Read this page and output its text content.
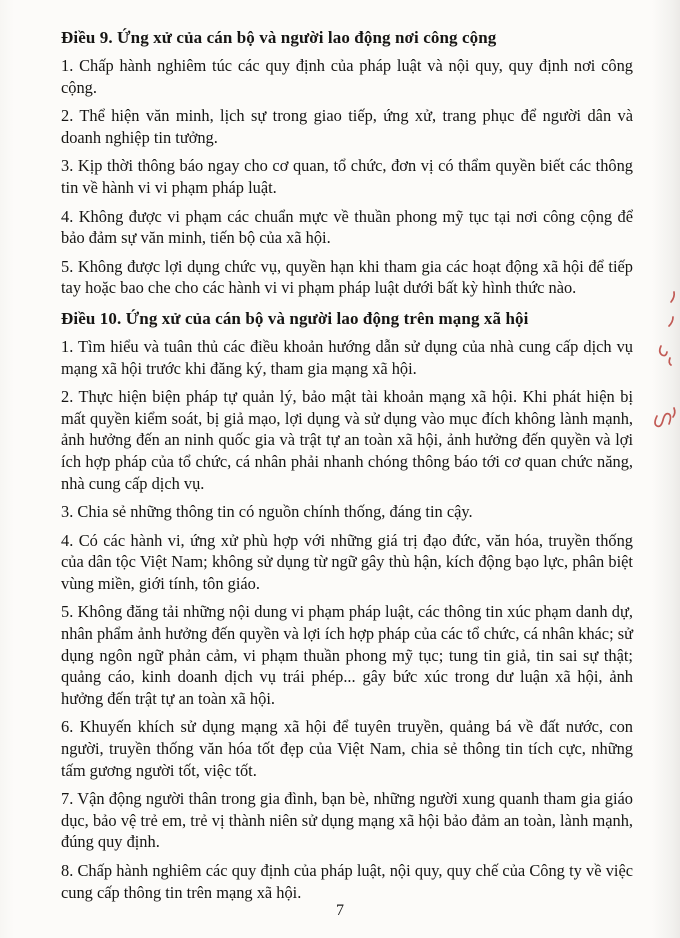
Điều 9. Ứng xử của cán bộ và người lao động nơi công cộng

1. Chấp hành nghiêm túc các quy định của pháp luật và nội quy, quy định nơi công cộng.

2. Thể hiện văn minh, lịch sự trong giao tiếp, ứng xử, trang phục để người dân và doanh nghiệp tin tưởng.

3. Kịp thời thông báo ngay cho cơ quan, tổ chức, đơn vị có thẩm quyền biết các thông tin về hành vi vi phạm pháp luật.

4. Không được vi phạm các chuẩn mực về thuần phong mỹ tục tại nơi công cộng để bảo đảm sự văn minh, tiến bộ của xã hội.

5. Không được lợi dụng chức vụ, quyền hạn khi tham gia các hoạt động xã hội để tiếp tay hoặc bao che cho các hành vi vi phạm pháp luật dưới bất kỳ hình thức nào.

Điều 10. Ứng xử của cán bộ và người lao động trên mạng xã hội

1. Tìm hiểu và tuân thủ các điều khoản hướng dẫn sử dụng của nhà cung cấp dịch vụ mạng xã hội trước khi đăng ký, tham gia mạng xã hội.

2. Thực hiện biện pháp tự quản lý, bảo mật tài khoản mạng xã hội. Khi phát hiện bị mất quyền kiểm soát, bị giả mạo, lợi dụng và sử dụng vào mục đích không lành mạnh, ảnh hưởng đến an ninh quốc gia và trật tự an toàn xã hội, ảnh hưởng đến quyền và lợi ích hợp pháp của tổ chức, cá nhân phải nhanh chóng thông báo tới cơ quan chức năng, nhà cung cấp dịch vụ.

3. Chia sẻ những thông tin có nguồn chính thống, đáng tin cậy.

4. Có các hành vi, ứng xử phù hợp với những giá trị đạo đức, văn hóa, truyền thống của dân tộc Việt Nam; không sử dụng từ ngữ gây thù hận, kích động bạo lực, phân biệt vùng miền, giới tính, tôn giáo.

5. Không đăng tải những nội dung vi phạm pháp luật, các thông tin xúc phạm danh dự, nhân phẩm ảnh hưởng đến quyền và lợi ích hợp pháp của các tổ chức, cá nhân khác; sử dụng ngôn ngữ phản cảm, vi phạm thuần phong mỹ tục; tung tin giả, tin sai sự thật; quảng cáo, kinh doanh dịch vụ trái phép... gây bức xúc trong dư luận xã hội, ảnh hưởng đến trật tự an toàn xã hội.

6. Khuyến khích sử dụng mạng xã hội để tuyên truyền, quảng bá về đất nước, con người, truyền thống văn hóa tốt đẹp của Việt Nam, chia sẻ thông tin tích cực, những tấm gương người tốt, việc tốt.

7. Vận động người thân trong gia đình, bạn bè, những người xung quanh tham gia giáo dục, bảo vệ trẻ em, trẻ vị thành niên sử dụng mạng xã hội bảo đảm an toàn, lành mạnh, đúng quy định.

8. Chấp hành nghiêm các quy định của pháp luật, nội quy, quy chế của Công ty về việc cung cấp thông tin trên mạng xã hội.

7
